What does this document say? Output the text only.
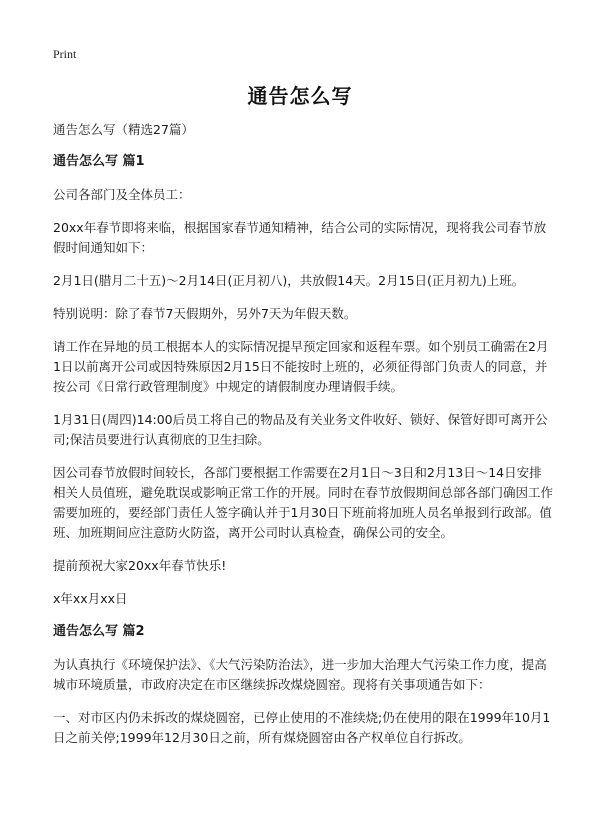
Print
通告怎么写
通告怎么写（精选27篇）
通告怎么写 篇1
公司各部门及全体员工：
20xx年春节即将来临，根据国家春节通知精神，结合公司的实际情况，现将我公司春节放假时间通知如下：
2月1日(腊月二十五)～2月14日(正月初八)，共放假14天。2月15日(正月初九)上班。
特别说明：除了春节7天假期外，另外7天为年假天数。
请工作在异地的员工根据本人的实际情况提早预定回家和返程车票。如个别员工确需在2月1日以前离开公司或因特殊原因2月15日不能按时上班的，必须征得部门负责人的同意，并按公司《日常行政管理制度》中规定的请假制度办理请假手续。
1月31日(周四)14:00后员工将自己的物品及有关业务文件收好、锁好、保管好即可离开公司;保洁员要进行认真彻底的卫生扫除。
因公司春节放假时间较长，各部门要根据工作需要在2月1日～3日和2月13日～14日安排相关人员值班，避免耽误或影响正常工作的开展。同时在春节放假期间总部各部门确因工作需要加班的，要经部门责任人签字确认并于1月30日下班前将加班人员名单报到行政部。值班、加班期间应注意防火防盗，离开公司时认真检查，确保公司的安全。
提前预祝大家20xx年春节快乐!
x年xx月xx日
通告怎么写 篇2
为认真执行《环境保护法》、《大气污染防治法》，进一步加大治理大气污染工作力度，提高城市环境质量，市政府决定在市区继续拆改煤烧圆窑。现将有关事项通告如下：
一、对市区内仍未拆改的煤烧圆窑，已停止使用的不准续烧;仍在使用的限在1999年10月1日之前关停;1999年12月30日之前，所有煤烧圆窑由各产权单位自行拆改。
